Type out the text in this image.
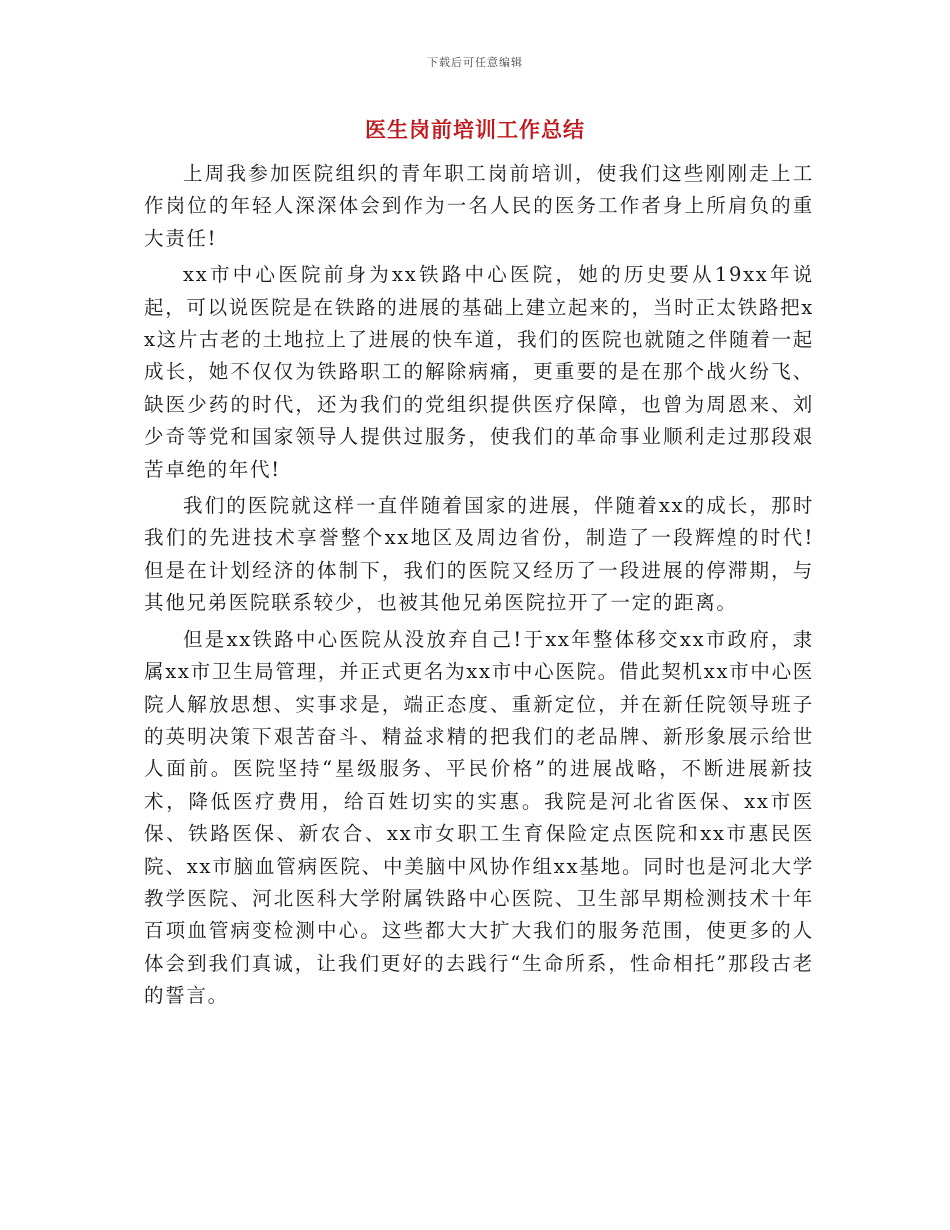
下载后可任意编辑
医生岗前培训工作总结

上周我参加医院组织的青年职工岗前培训，使我们这些刚刚走上工作岗位的年轻人深深体会到作为一名人民的医务工作者身上所肩负的重大责任!

xx市中心医院前身为xx铁路中心医院，她的历史要从19xx年说起，可以说医院是在铁路的进展的基础上建立起来的，当时正太铁路把xx这片古老的土地拉上了进展的快车道，我们的医院也就随之伴随着一起成长，她不仅仅为铁路职工的解除病痛，更重要的是在那个战火纷飞、缺医少药的时代，还为我们的党组织提供医疗保障，也曾为周恩来、刘少奇等党和国家领导人提供过服务，使我们的革命事业顺利走过那段艰苦卓绝的年代!

我们的医院就这样一直伴随着国家的进展，伴随着xx的成长，那时我们的先进技术享誉整个xx地区及周边省份，制造了一段辉煌的时代!但是在计划经济的体制下，我们的医院又经历了一段进展的停滞期，与其他兄弟医院联系较少，也被其他兄弟医院拉开了一定的距离。

但是xx铁路中心医院从没放弃自己!于xx年整体移交xx市政府，隶属xx市卫生局管理，并正式更名为xx市中心医院。借此契机xx市中心医院人解放思想、实事求是，端正态度、重新定位，并在新任院领导班子的英明决策下艰苦奋斗、精益求精的把我们的老品牌、新形象展示给世人面前。医院坚持“星级服务、平民价格”的进展战略，不断进展新技术，降低医疗费用，给百姓切实的实惠。我院是河北省医保、xx市医保、铁路医保、新农合、xx市女职工生育保险定点医院和xx市惠民医院、xx市脑血管病医院、中美脑中风协作组xx基地。同时也是河北大学教学医院、河北医科大学附属铁路中心医院、卫生部早期检测技术十年百项血管病变检测中心。这些都大大扩大我们的服务范围，使更多的人体会到我们真诚，让我们更好的去践行“生命所系，性命相托”那段古老的誓言。
